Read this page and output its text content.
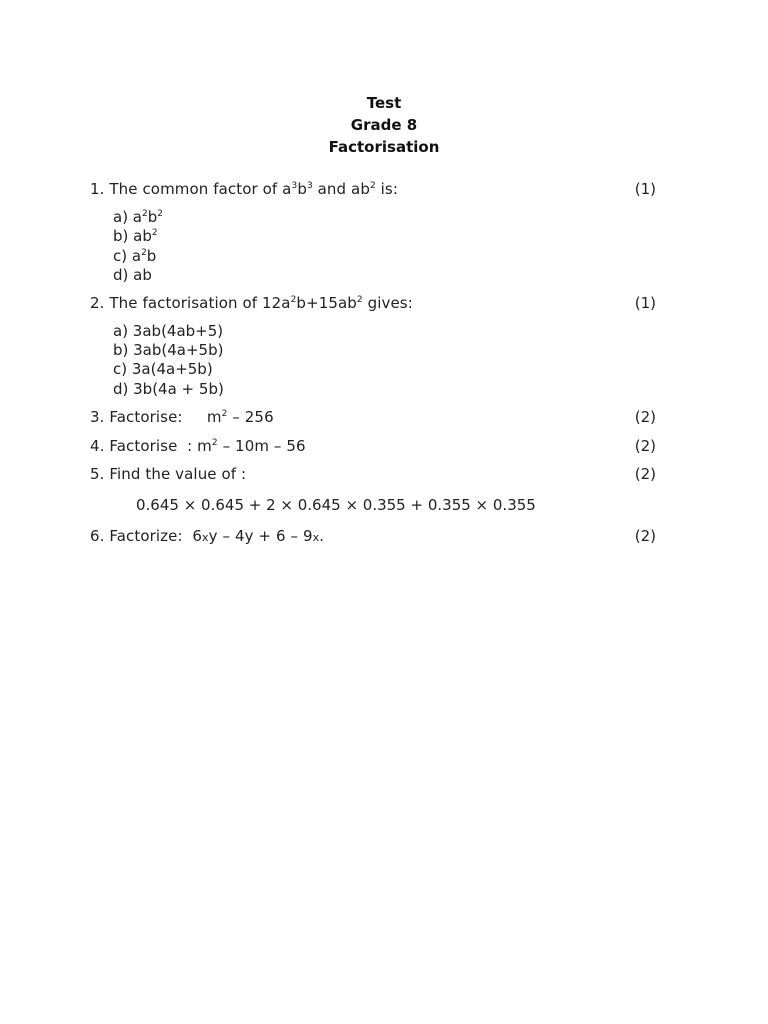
Test
Grade 8
Factorisation
1. The common factor of $a^3b^3$ and $ab^2$ is:	(1)
a) $a^2b^2$
b) $ab^2$
c) $a^2b$
d) ab
2. The factorisation of $12a^2b+15ab^2$ gives:	(1)
a) 3ab(4ab+5)
b) 3ab(4a+5b)
c) 3a(4a+5b)
d) 3b(4a + 5b)
3. Factorise:     $m^2 - 256$	(2)
4. Factorise  : $m^2 - 10m - 56$	(2)
5. Find the value of :	(2)
0.645 × 0.645 + 2 × 0.645 × 0.355 + 0.355 × 0.355
6. Factorize:  6xy – 4y + 6 – 9x.	(2)
